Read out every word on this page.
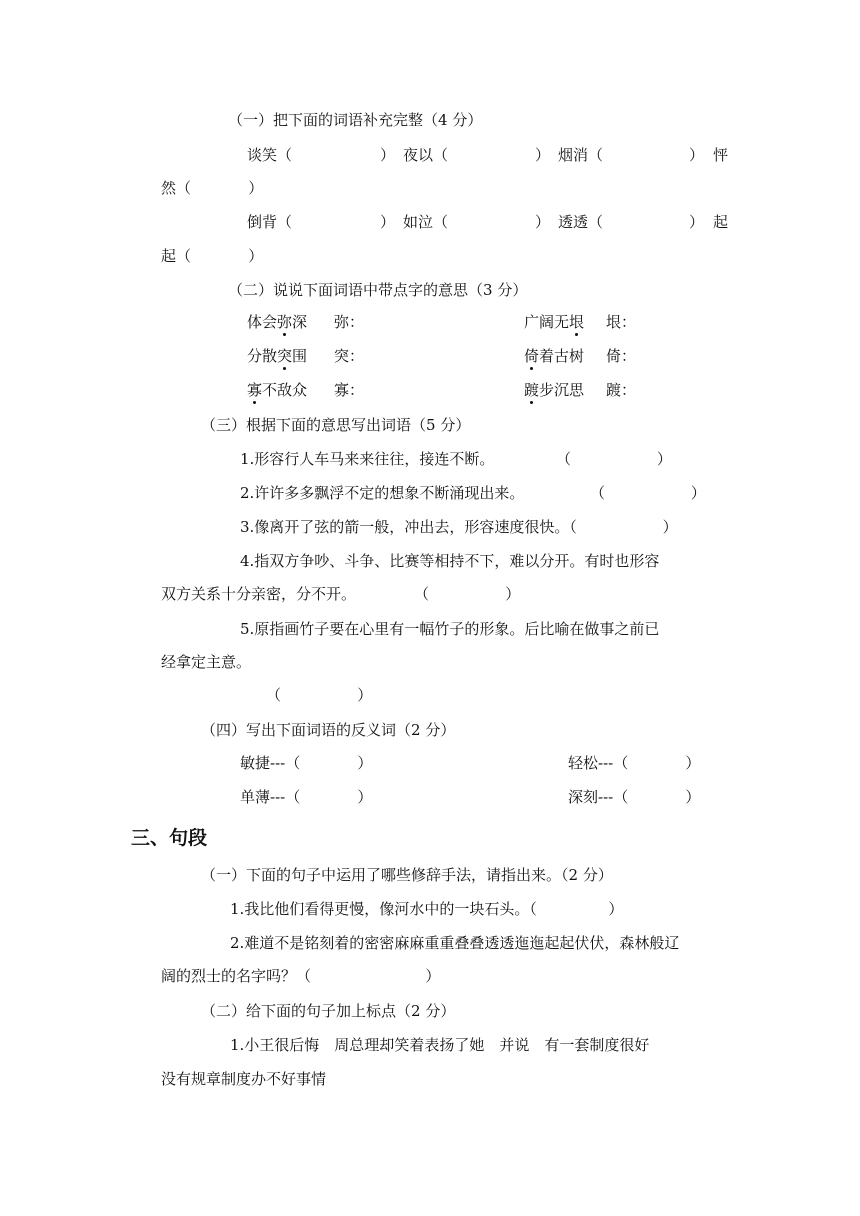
（一）把下面的词语补充完整（4 分）
谈笑（	） 夜以（	） 烟消（	） 怦
然（            ）
倒背（	） 如泣（	） 透透（	） 起
起（            ）
（二）说说下面词语中带点字的意思（3 分）
体会弥深 弥：	广阔无垠 垠：
分散突围 突：	倚着古树 倚：
寡不敌众 寡：	踱步沉思 踱：
（三）根据下面的意思写出词语（5 分）
1.形容行人车马来来往往，接连不断。	（                  ）
2.许许多多飘浮不定的想象不断涌现出来。	（                  ）
3.像离开了弦的箭一般，冲出去，形容速度很快。（                  ）
4.指双方争吵、斗争、比赛等相持不下，难以分开。有时也形容
双方关系十分亲密，分不开。	（                ）
5.原指画竹子要在心里有一幅竹子的形象。后比喻在做事之前已
经拿定主意。
（                ）
（四）写出下面词语的反义词（2 分）
敏捷---（            ）	轻松---（            ）
单薄---（            ）	深刻---（            ）
三、句段
（一）下面的句子中运用了哪些修辞手法，请指出来。（2 分）
1.我比他们看得更慢，像河水中的一块石头。（               ）
2.难道不是铭刻着的密密麻麻重重叠叠透透迤迤起起伏伏，森林般辽
阔的烈士的名字吗？（                        ）
（二）给下面的句子加上标点（2 分）
1.小王很后悔　周总理却笑着表扬了她　并说　有一套制度很好
没有规章制度办不好事情
